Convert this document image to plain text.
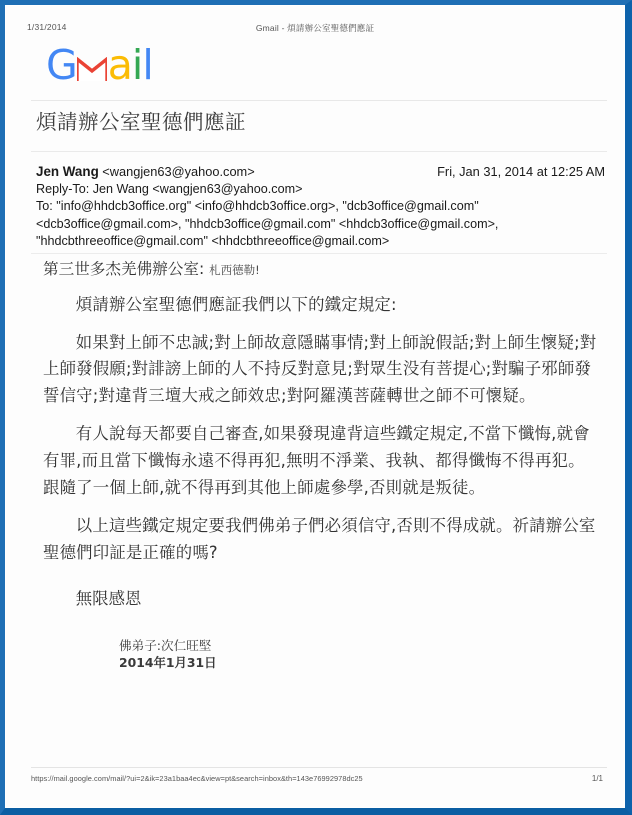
1/31/2014	Gmail - 煩請辦公室聖德們應証
G ail
煩請辦公室聖德們應証
Jen Wang <wangjen63@yahoo.com>	Fri, Jan 31, 2014 at 12:25 AM
Reply-To: Jen Wang <wangjen63@yahoo.com>
To: "info@hhdcb3office.org" <info@hhdcb3office.org>, "dcb3office@gmail.com" <dcb3office@gmail.com>, "hhdcb3office@gmail.com" <hhdcb3office@gmail.com>, "hhdcbthreeoffice@gmail.com" <hhdcbthreeoffice@gmail.com>

第三世多杰羌佛辦公室: 札西德勒!

煩請辦公室聖德們應証我們以下的鐵定規定:

如果對上師不忠誠;對上師故意隱瞞事情;對上師說假話;對上師生懷疑;對上師發假願;對誹謗上師的人不持反對意見;對眾生没有菩提心;對騙子邪師發誓信守;對違背三壇大戒之師效忠;對阿羅漢菩薩轉世之師不可懷疑。

有人說每天都要自己審查,如果發現違背這些鐵定規定,不當下懺悔,就會有罪,而且當下懺悔永遠不得再犯,無明不淨業、我執、都得懺悔不得再犯。跟隨了一個上師,就不得再到其他上師處參學,否則就是叛徒。

以上這些鐵定規定要我們佛弟子們必須信守,否則不得成就。祈請辦公室聖德們印証是正確的嗎?

無限感恩

佛弟子:次仁旺堅
2014年1月31日
https://mail.google.com/mail/?ui=2&ik=23a1baa4ec&view=pt&search=inbox&th=143e76992978dc25	1/1
